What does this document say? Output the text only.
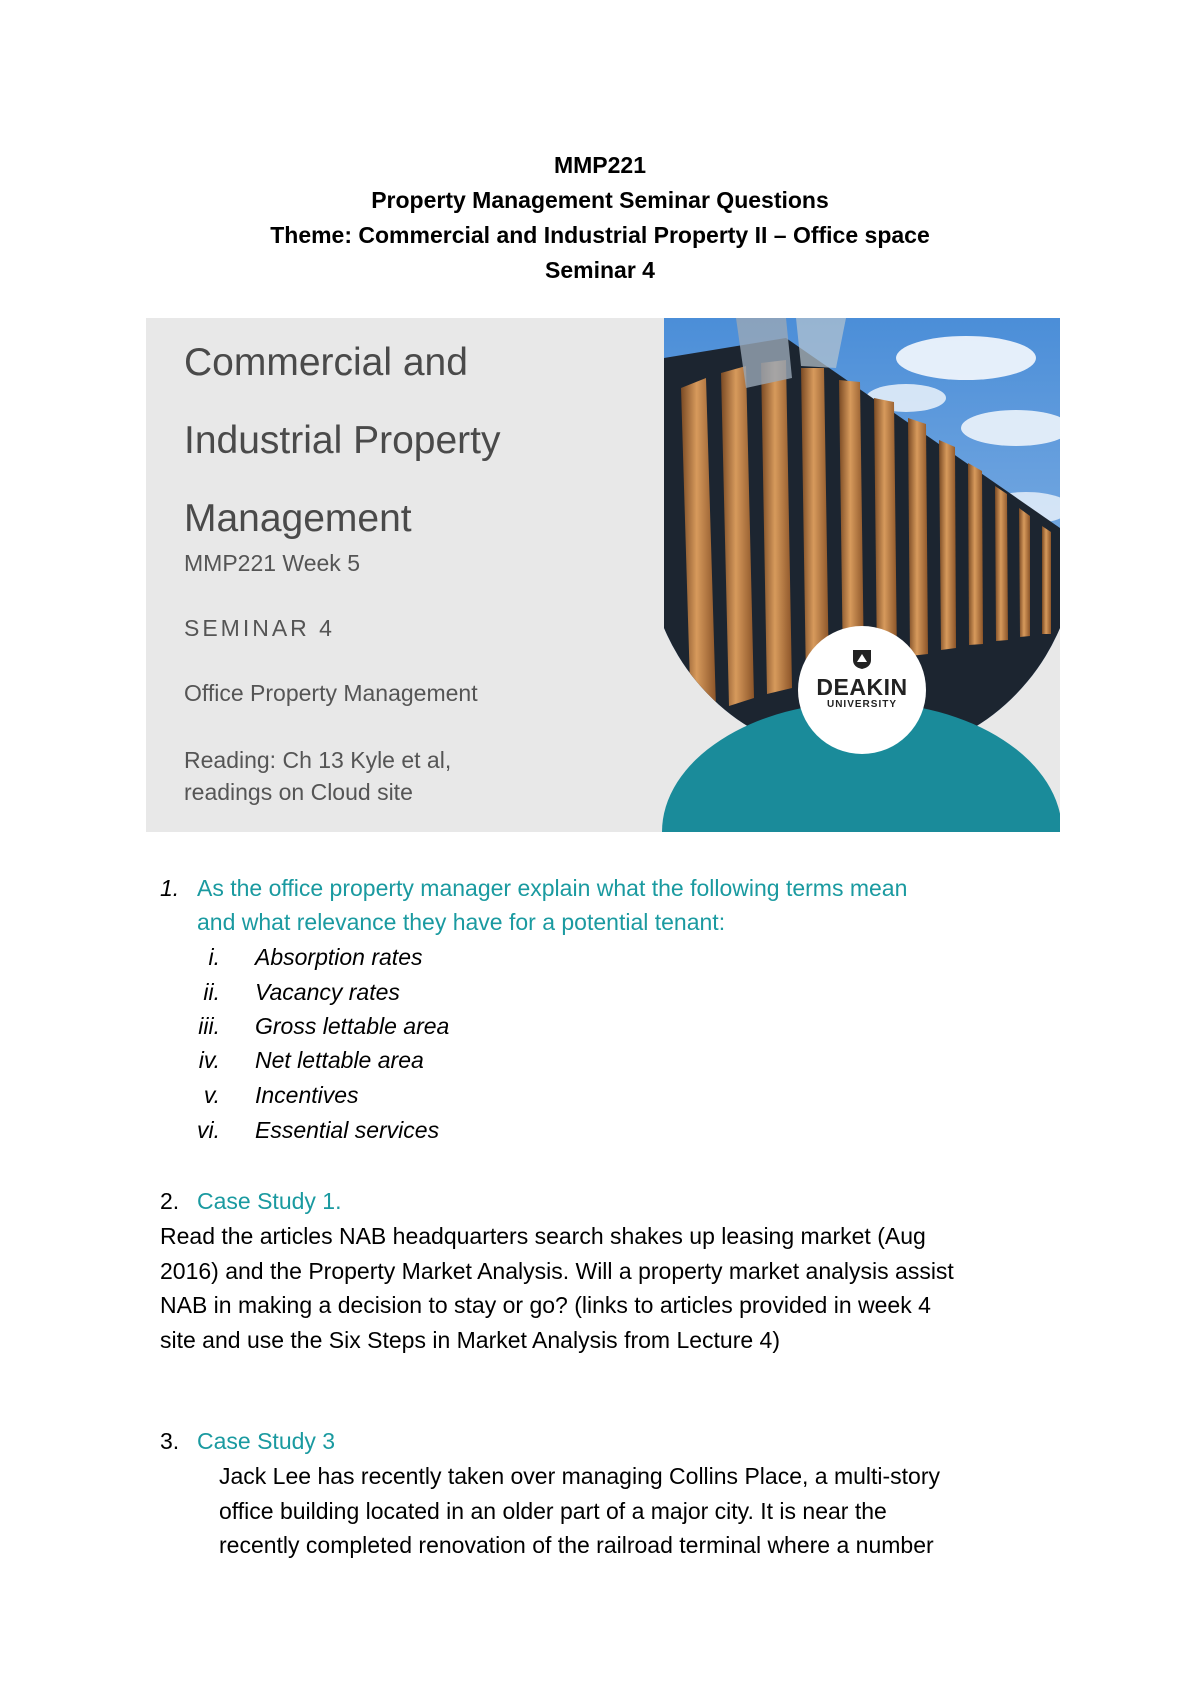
MMP221
Property Management Seminar Questions
Theme: Commercial and Industrial Property II – Office space
Seminar 4
Commercial and
Industrial Property
Management
MMP221 Week 5
SEMINAR 4
Office Property Management
Reading: Ch 13 Kyle et al,
readings on Cloud site
DEAKIN
UNIVERSITY
1. As the office property manager explain what the following terms mean
and what relevance they have for a potential tenant:
i. Absorption rates
ii. Vacancy rates
iii. Gross lettable area
iv. Net lettable area
v. Incentives
vi. Essential services
2. Case Study 1.
Read the articles NAB headquarters search shakes up leasing market (Aug
2016) and the Property Market Analysis. Will a property market analysis assist
NAB in making a decision to stay or go? (links to articles provided in week 4
site and use the Six Steps in Market Analysis from Lecture 4)
3. Case Study 3
Jack Lee has recently taken over managing Collins Place, a multi-story
office building located in an older part of a major city. It is near the
recently completed renovation of the railroad terminal where a number
